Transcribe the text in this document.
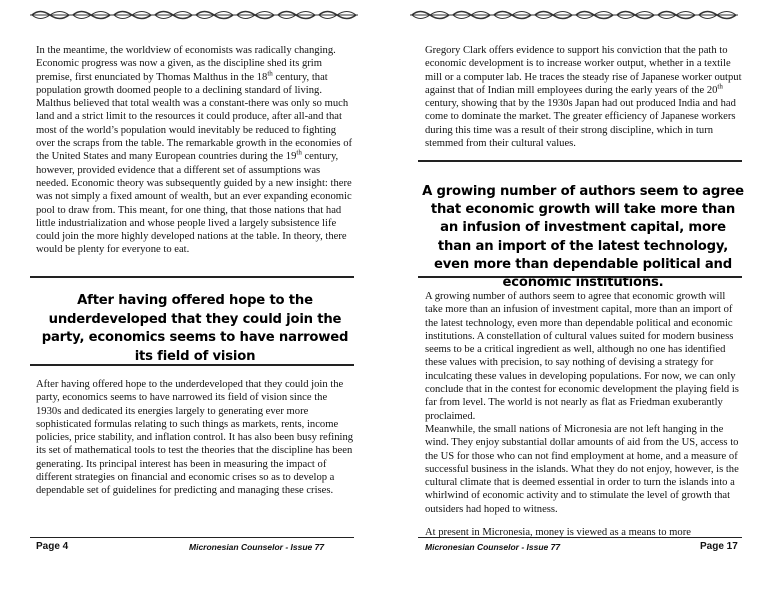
In the meantime, the worldview of economists was radically changing. Economic progress was now a given, as the discipline shed its grim premise, first enunciated by Thomas Malthus in the 18th century, that population growth doomed people to a declining standard of living. Malthus believed that total wealth was a constant-there was only so much land and a strict limit to the resources it could produce, after all-and that most of the world’s population would inevitably be reduced to fighting over the scraps from the table. The remarkable growth in the economies of the United States and many European countries during the 19th century, however, provided evidence that a different set of assumptions was needed. Economic theory was subsequently guided by a new insight: there was not simply a fixed amount of wealth, but an ever expanding economic pool to draw from. This meant, for one thing, that those nations that had little industrialization and whose people lived a largely subsistence life could join the more highly developed nations at the table. In theory, there would be plenty for everyone to eat.

After having offered hope to the underdeveloped that they could join the party, economics seems to have narrowed its field of vision

After having offered hope to the underdeveloped that they could join the party, economics seems to have narrowed its field of vision since the 1930s and dedicated its energies largely to generating ever more sophisticated formulas relating to such things as markets, rents, income policies, price stability, and inflation control. It has also been busy refining its set of mathematical tools to test the theories that the discipline has been generating. Its principal interest has been in measuring the impact of different strategies on financial and economic crises so as to develop a dependable set of guidelines for predicting and managing these crises.

Page 4	Micronesian Counselor - Issue 77

Gregory Clark offers evidence to support his conviction that the path to economic development is to increase worker output, whether in a textile mill or a computer lab. He traces the steady rise of Japanese worker output against that of Indian mill employees during the early years of the 20th century, showing that by the 1930s Japan had out produced India and had come to dominate the market. The greater efficiency of Japanese workers during this time was a result of their strong discipline, which in turn stemmed from their cultural values.

A growing number of authors seem to agree that economic growth will take more than an infusion of investment capital, more than an import of the latest technology, even more than dependable political and economic institutions.

A growing number of authors seem to agree that economic growth will take more than an infusion of investment capital, more than an import of the latest technology, even more than dependable political and economic institutions. A constellation of cultural values suited for modern business seems to be a critical ingredient as well, although no one has identified these values with precision, to say nothing of devising a strategy for inculcating these values in developing populations. For now, we can only conclude that in the contest for economic development the playing field is far from level. The world is not nearly as flat as Friedman exuberantly proclaimed.

Meanwhile, the small nations of Micronesia are not left hanging in the wind. They enjoy substantial dollar amounts of aid from the US, access to the US for those who can not find employment at home, and a measure of successful business in the islands. What they do not enjoy, however, is the cultural climate that is deemed essential in order to turn the islands into a whirlwind of economic activity and to stimulate the level of growth that outsiders had hoped to witness.

At present in Micronesia, money is viewed as a means to more

Micronesian Counselor - Issue 77	Page 17
